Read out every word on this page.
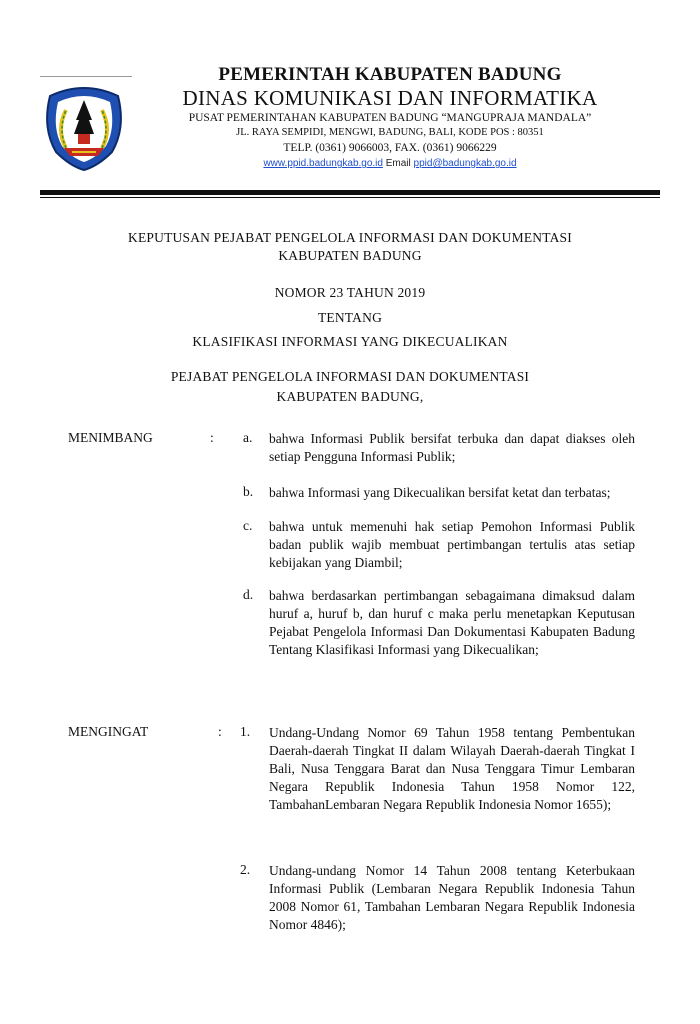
PEMERINTAH KABUPATEN BADUNG
DINAS KOMUNIKASI DAN INFORMATIKA
PUSAT PEMERINTAHAN KABUPATEN BADUNG “MANGUPRAJA MANDALA”
JL. RAYA SEMPIDI, MENGWI, BADUNG, BALI, KODE POS : 80351
TELP. (0361) 9066003, FAX. (0361) 9066229
www.ppid.badungkab.go.id Email ppid@badungkab.go.id
KEPUTUSAN PEJABAT PENGELOLA INFORMASI DAN DOKUMENTASI
KABUPATEN BADUNG
NOMOR 23 TAHUN 2019
TENTANG
KLASIFIKASI INFORMASI YANG DIKECUALIKAN
PEJABAT PENGELOLA INFORMASI DAN DOKUMENTASI
KABUPATEN BADUNG,
MENIMBANG	: a. bahwa Informasi Publik bersifat terbuka dan dapat diakses oleh setiap Pengguna Informasi Publik;

b. bahwa Informasi yang Dikecualikan bersifat ketat dan terbatas;

c. bahwa untuk memenuhi hak setiap Pemohon Informasi Publik badan publik wajib membuat pertimbangan tertulis atas setiap kebijakan yang Diambil;

d. bahwa berdasarkan pertimbangan sebagaimana dimaksud dalam huruf a, huruf b, dan huruf c maka perlu menetapkan Keputusan Pejabat Pengelola Informasi Dan Dokumentasi Kabupaten Badung Tentang Klasifikasi Informasi yang Dikecualikan;

MENGINGAT	: 1. Undang-Undang Nomor 69 Tahun 1958 tentang Pembentukan Daerah-daerah Tingkat II dalam Wilayah Daerah-daerah Tingkat I Bali, Nusa Tenggara Barat dan Nusa Tenggara Timur Lembaran Negara Republik Indonesia Tahun 1958 Nomor 122, TambahanLembaran Negara Republik Indonesia Nomor 1655);

2. Undang-undang Nomor 14 Tahun 2008 tentang Keterbukaan Informasi Publik (Lembaran Negara Republik Indonesia Tahun 2008 Nomor 61, Tambahan Lembaran Negara Republik Indonesia Nomor 4846);
